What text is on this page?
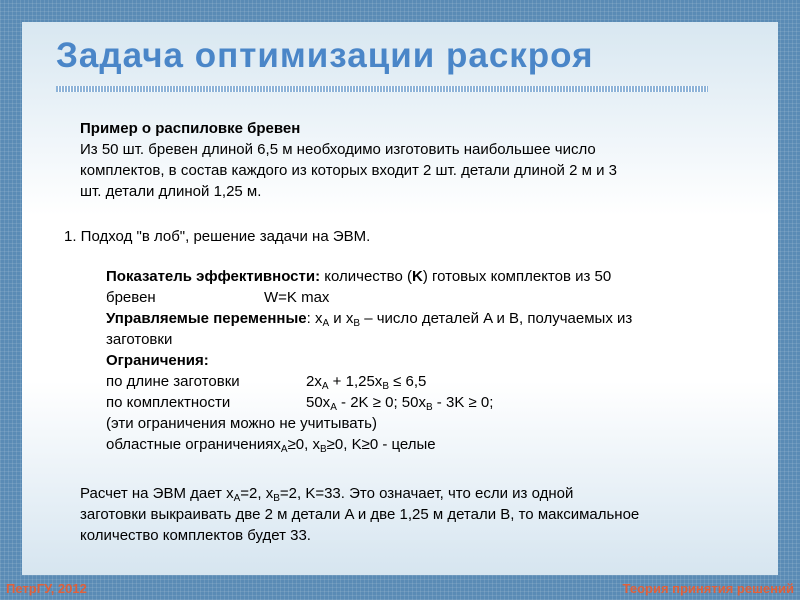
Задача оптимизации раскроя
Пример о распиловке бревен
Из 50 шт. бревен длиной 6,5 м необходимо изготовить наибольшее число
комплектов, в состав каждого из которых входит 2 шт. детали длиной 2 м и 3
шт. детали длиной 1,25 м.
1. Подход "в лоб", решение задачи на ЭВМ.
Показатель эффективности: количество (K) готовых комплектов из 50
бревен	W=K max
Управляемые переменные: $x_A$ и $x_B$ – число деталей A и B, получаемых из
заготовки
Ограничения:
по длине заготовки	$2x_A + 1,25x_B \le 6,5$
по комплектности	$50x_A - 2K \ge 0$; $50x_B - 3K \ge 0$;
(эти ограничения можно не учитывать)
областные ограниченияx$_A$≥0, $x_B\ge 0$, K≥0 - целые
Расчет на ЭВМ дает $x_A=2$, $x_B=2$, K=33. Это означает, что если из одной
заготовки выкраивать две 2 м детали A и две 1,25 м детали B, то максимальное
количество комплектов будет 33.
ПетрГУ, 2012	Теория принятия решений
